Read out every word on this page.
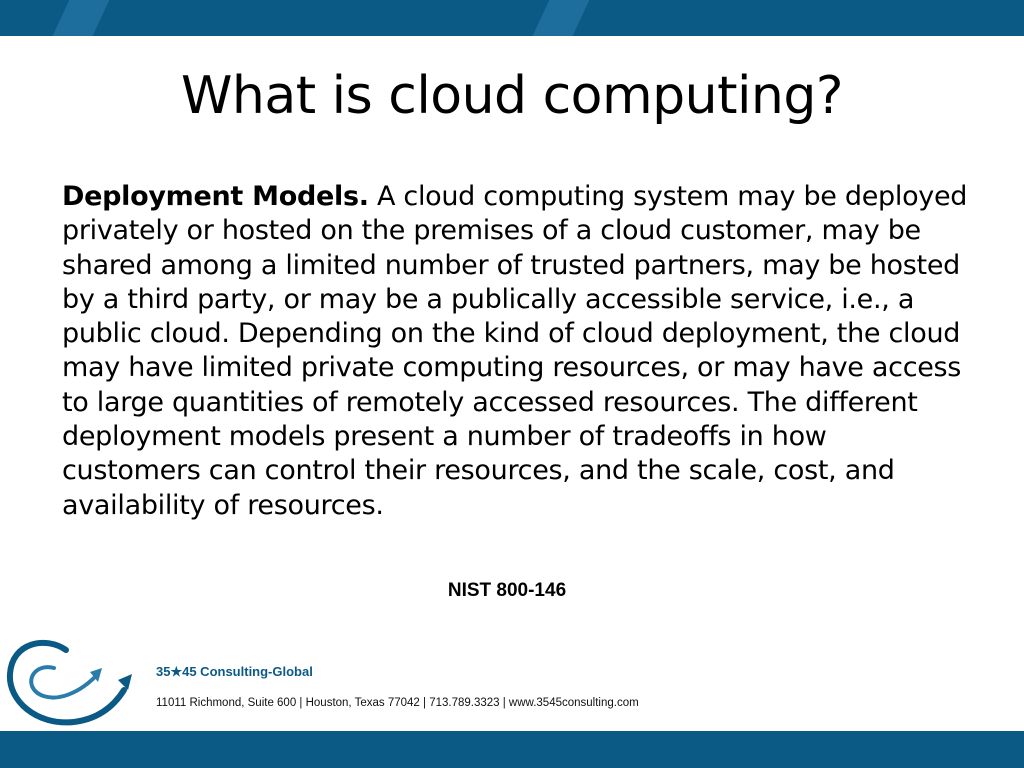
What is cloud computing?
Deployment Models. A cloud computing system may be deployed privately or hosted on the premises of a cloud customer, may be shared among a limited number of trusted partners, may be hosted by a third party, or may be a publically accessible service, i.e., a public cloud. Depending on the kind of cloud deployment, the cloud may have limited private computing resources, or may have access to large quantities of remotely accessed resources. The different deployment models present a number of tradeoffs in how customers can control their resources, and the scale, cost, and availability of resources.
NIST 800-146
35★45 Consulting-Global
11011 Richmond, Suite 600 | Houston, Texas 77042 | 713.789.3323 | www.3545consulting.com
